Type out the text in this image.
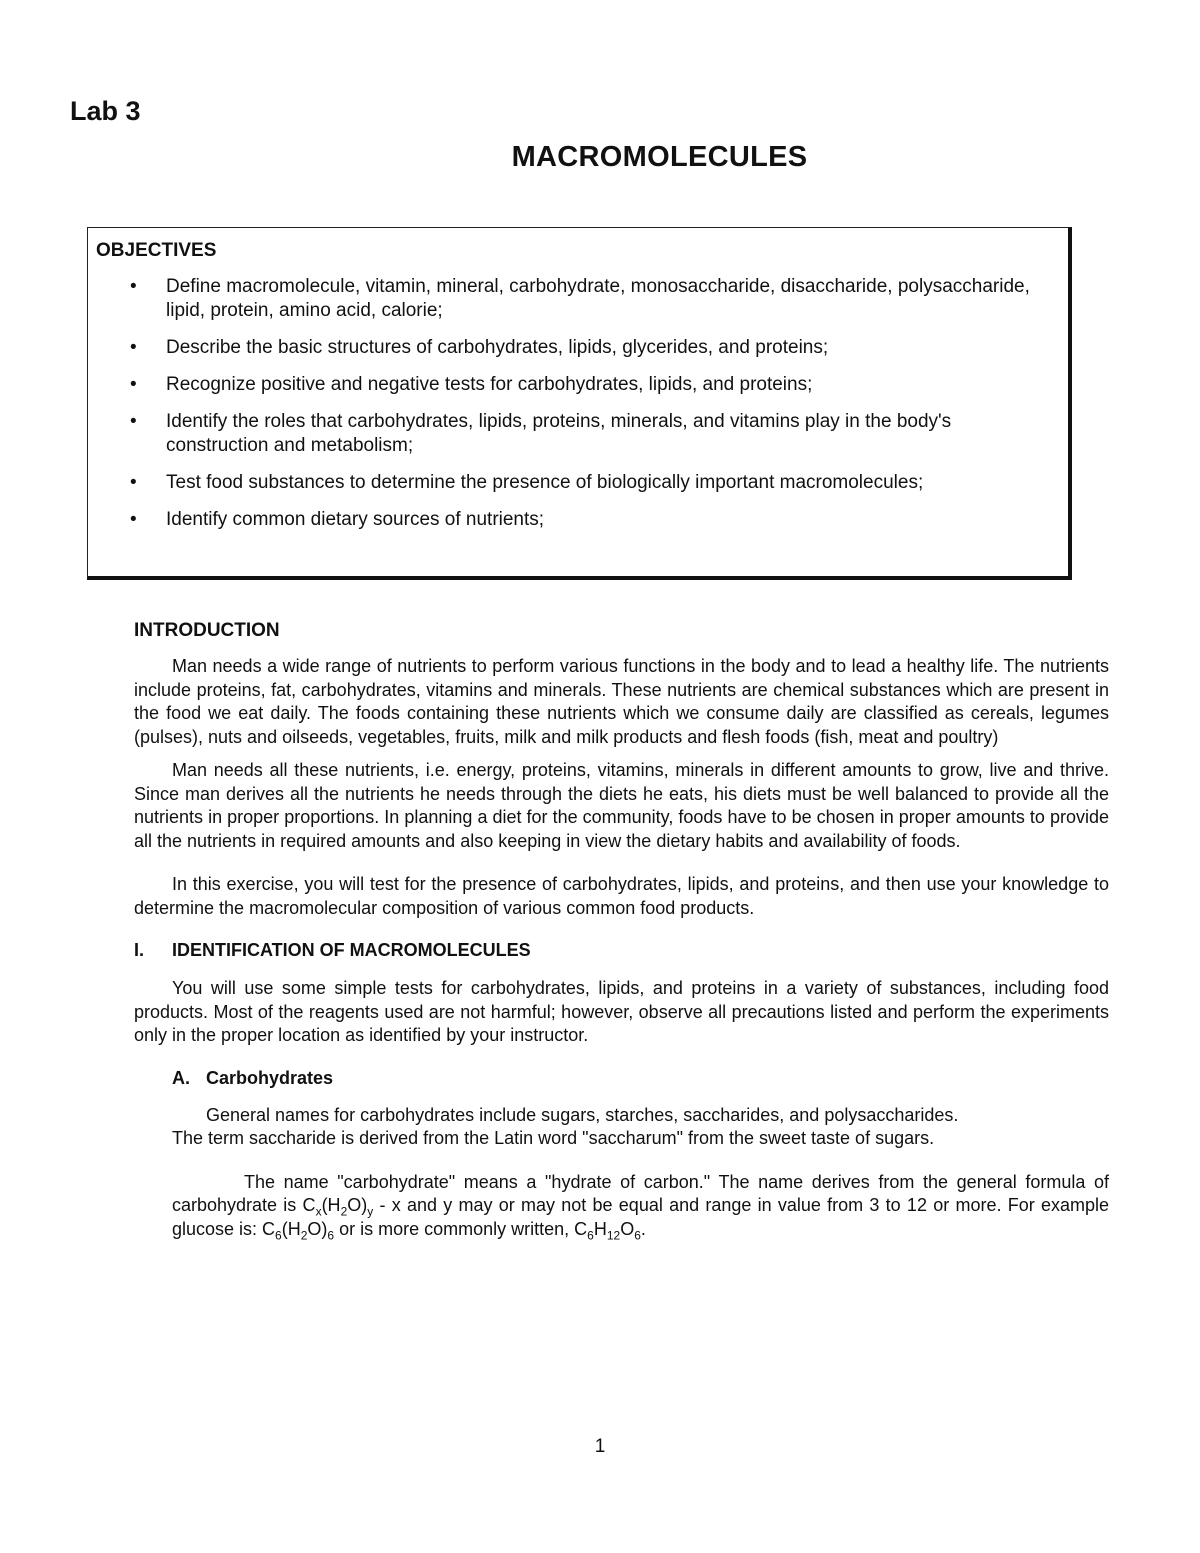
Lab 3
MACROMOLECULES
OBJECTIVES
• Define macromolecule, vitamin, mineral, carbohydrate, monosaccharide, disaccharide, polysaccharide, lipid, protein, amino acid, calorie;
• Describe the basic structures of carbohydrates, lipids, glycerides, and proteins;
• Recognize positive and negative tests for carbohydrates, lipids, and proteins;
• Identify the roles that carbohydrates, lipids, proteins, minerals, and vitamins play in the body's construction and metabolism;
• Test food substances to determine the presence of biologically important macromolecules;
• Identify common dietary sources of nutrients;
INTRODUCTION

Man needs a wide range of nutrients to perform various functions in the body and to lead a healthy life. The nutrients include proteins, fat, carbohydrates, vitamins and minerals. These nutrients are chemical substances which are present in the food we eat daily. The foods containing these nutrients which we consume daily are classified as cereals, legumes (pulses), nuts and oilseeds, vegetables, fruits, milk and milk products and flesh foods (fish, meat and poultry)

Man needs all these nutrients, i.e. energy, proteins, vitamins, minerals in different amounts to grow, live and thrive. Since man derives all the nutrients he needs through the diets he eats, his diets must be well balanced to provide all the nutrients in proper proportions. In planning a diet for the community, foods have to be chosen in proper amounts to provide all the nutrients in required amounts and also keeping in view the dietary habits and availability of foods.

In this exercise, you will test for the presence of carbohydrates, lipids, and proteins, and then use your knowledge to determine the macromolecular composition of various common food products.

I. IDENTIFICATION OF MACROMOLECULES

You will use some simple tests for carbohydrates, lipids, and proteins in a variety of substances, including food products. Most of the reagents used are not harmful; however, observe all precautions listed and perform the experiments only in the proper location as identified by your instructor.

A. Carbohydrates
General names for carbohydrates include sugars, starches, saccharides, and polysaccharides.
The term saccharide is derived from the Latin word "saccharum" from the sweet taste of sugars.

The name "carbohydrate" means a "hydrate of carbon." The name derives from the general formula of carbohydrate is $C_x(H_2O)_y$ - x and y may or may not be equal and range in value from 3 to 12 or more. For example glucose is: $C_6(H_2O)_6$ or is more commonly written, $C_6H_{12}O_6$.

1
